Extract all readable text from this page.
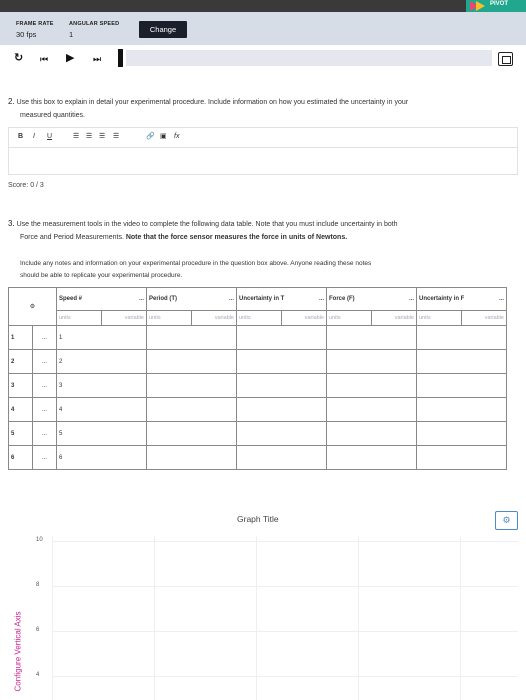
PIVOT
FRAME RATE
30 fps
ANGULAR SPEED
1
Change
↻ ⏮ ▶ ⏭
2. Use this box to explain in detail your experimental procedure. Include information on how you estimated the uncertainty in your
measured quantities.
B I U	☰ ☰ ☰ ☰	🔗 ▣ fx
Score: 0 / 3
3. Use the measurement tools in the video to complete the following data table. Note that you must include uncertainty in both
Force and Period Measurements. Note that the force sensor measures the force in units of Newtons.
Include any notes and information on your experimental procedure in the question box above. Anyone reading these notes
should be able to replicate your experimental procedure.
⚙		Speed # ...		Period (T) ...		Uncertainty in T ...		Force (F) ...		Uncertainty in F ...	

		units	variable	units	variable	units	variable	units	variable	units	variable
1	...	1									
2	...	2									
3	...	3									
4	...	4									
5	...	5									
6	...	6									
Graph Title	⚙
10
8
6
4
Configure Vertical Axis
